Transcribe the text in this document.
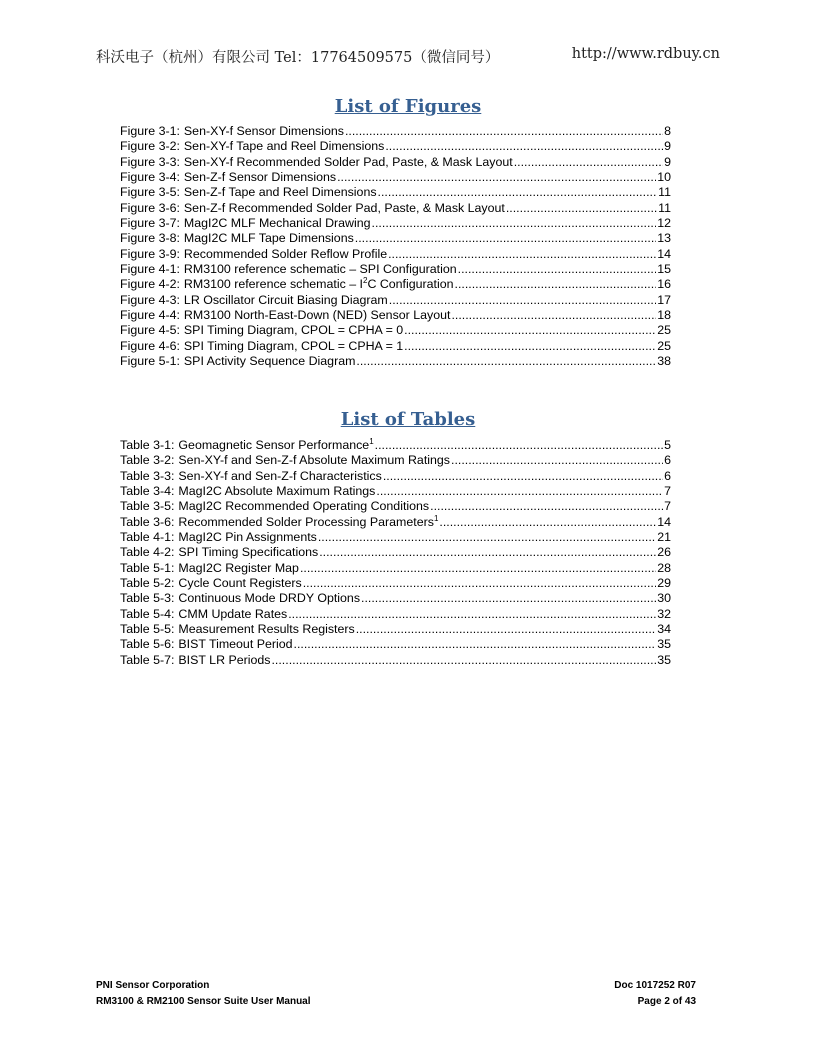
科沃电子（杭州）有限公司 Tel：17764509575（微信同号）	http://www.rdbuy.cn
List of Figures
Figure 3-1: Sen-XY-f Sensor Dimensions .....	8
Figure 3-2: Sen-XY-f Tape and Reel Dimensions .....	9
Figure 3-3: Sen-XY-f Recommended Solder Pad, Paste, & Mask Layout .....	9
Figure 3-4: Sen-Z-f Sensor Dimensions .....	10
Figure 3-5: Sen-Z-f Tape and Reel Dimensions .....	11
Figure 3-6: Sen-Z-f Recommended Solder Pad, Paste, & Mask Layout .....	11
Figure 3-7: MagI2C MLF Mechanical Drawing .....	12
Figure 3-8: MagI2C MLF Tape Dimensions .....	13
Figure 3-9: Recommended Solder Reflow Profile .....	14
Figure 4-1: RM3100 reference schematic – SPI Configuration .....	15
Figure 4-2: RM3100 reference schematic – $I^2C$ Configuration .....	16
Figure 4-3: LR Oscillator Circuit Biasing Diagram .....	17
Figure 4-4: RM3100 North-East-Down (NED) Sensor Layout .....	18
Figure 4-5: SPI Timing Diagram, CPOL = CPHA = 0 .....	25
Figure 4-6: SPI Timing Diagram, CPOL = CPHA = 1 .....	25
Figure 5-1: SPI Activity Sequence Diagram .....	38
List of Tables
Table 3-1: Geomagnetic Sensor Performance$^1$ .....	5
Table 3-2: Sen-XY-f and Sen-Z-f Absolute Maximum Ratings .....	6
Table 3-3: Sen-XY-f and Sen-Z-f Characteristics .....	6
Table 3-4: MagI2C Absolute Maximum Ratings .....	7
Table 3-5: MagI2C Recommended Operating Conditions .....	7
Table 3-6: Recommended Solder Processing Parameters$^1$ .....	14
Table 4-1: MagI2C Pin Assignments .....	21
Table 4-2: SPI Timing Specifications .....	26
Table 5-1: MagI2C Register Map .....	28
Table 5-2: Cycle Count Registers .....	29
Table 5-3: Continuous Mode DRDY Options .....	30
Table 5-4: CMM Update Rates .....	32
Table 5-5: Measurement Results Registers .....	34
Table 5-6: BIST Timeout Period .....	35
Table 5-7: BIST LR Periods .....	35
PNI Sensor Corporation	Doc 1017252 R07
RM3100 & RM2100 Sensor Suite User Manual	Page 2 of 43
